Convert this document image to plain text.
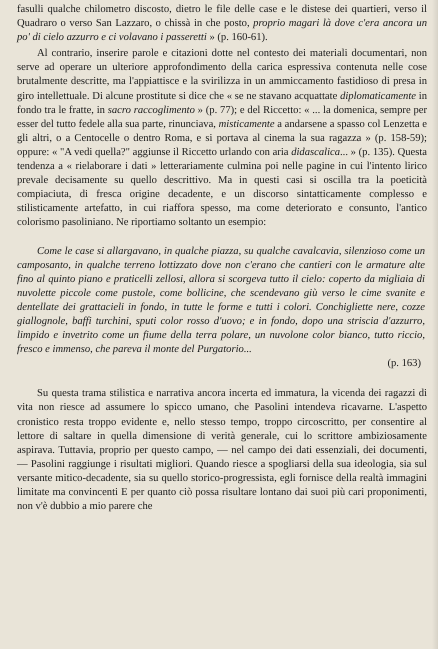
fasulli qualche chilometro discosto, dietro le file delle case e le distese dei quartieri, verso il Quadraro o verso San Lazzaro, o chissà in che posto, proprio magari là dove c'era ancora un po' di cielo azzurro e ci volavano i passeretti » (p. 160-61).

Al contrario, inserire parole e citazioni dotte nel contesto dei materiali documentari, non serve ad operare un ulteriore approfondimento della carica espressiva contenuta nelle cose brutalmente descritte, ma l'appiattisce e la svirilizza in un ammiccamento fastidioso di presa in giro intellettuale. Di alcune prostitute si dice che « se ne stavano acquattate diplomaticamente in fondo tra le fratte, in sacro raccoglimento » (p. 77); e del Riccetto: « ... la domenica, sempre per esser del tutto fedele alla sua parte, rinunciava, misticamente a andarsene a spasso col Lenzetta e gli altri, o a Centocelle o dentro Roma, e si portava al cinema la sua ragazza » (p. 158-59); oppure: « "A vedi quella?" aggiunse il Riccetto urlando con aria didascalica... » (p. 135). Questa tendenza a « rielaborare i dati » letterariamente culmina poi nelle pagine in cui l'intento lirico prevale decisamente su quello descrittivo. Ma in questi casi si oscilla tra la poeticità compiaciuta, di fresca origine decadente, e un discorso sintatticamente complesso e stilisticamente artefatto, in cui riaffora spesso, ma come deteriorato e consunto, l'antico colorismo pasoliniano. Ne riportiamo soltanto un esempio:

Come le case si allargavano, in qualche piazza, su qualche cavalcavia, silenzioso come un camposanto, in qualche terreno lottizzato dove non c'erano che cantieri con le armature alte fino al quinto piano e praticelli zellosi, allora si scorgeva tutto il cielo: coperto da migliaia di nuvolette piccole come pustole, come bollicine, che scendevano giù verso le cime svanite e dentellate dei grattacieli in fondo, in tutte le forme e tutti i colori. Conchigliette nere, cozze giallognole, baffi turchini, sputi color rosso d'uovo; e in fondo, dopo una striscia d'azzurro, limpido e invetrito come un fiume della terra polare, un nuvolone color bianco, tutto riccio, fresco e immenso, che pareva il monte del Purgatorio...

(p. 163)

Su questa trama stilistica e narrativa ancora incerta ed immatura, la vicenda dei ragazzi di vita non riesce ad assumere lo spicco umano, che Pasolini intendeva ricavarne. L'aspetto cronistico resta troppo evidente e, nello stesso tempo, troppo circoscritto, per consentire al lettore di saltare in quella dimensione di verità generale, cui lo scrittore ambiziosamente aspirava. Tuttavia, proprio per questo campo, — nel campo dei dati essenziali, dei documenti, — Pasolini raggiunge i risultati migliori. Quando riesce a spogliarsi della sua ideologia, sia sul versante mitico-decadente, sia su quello storico-progressista, egli fornisce della realtà immagini limitate ma convincenti E per quanto ciò possa risultare lontano dai suoi più cari proponimenti, non v'è dubbio a mio parere che
